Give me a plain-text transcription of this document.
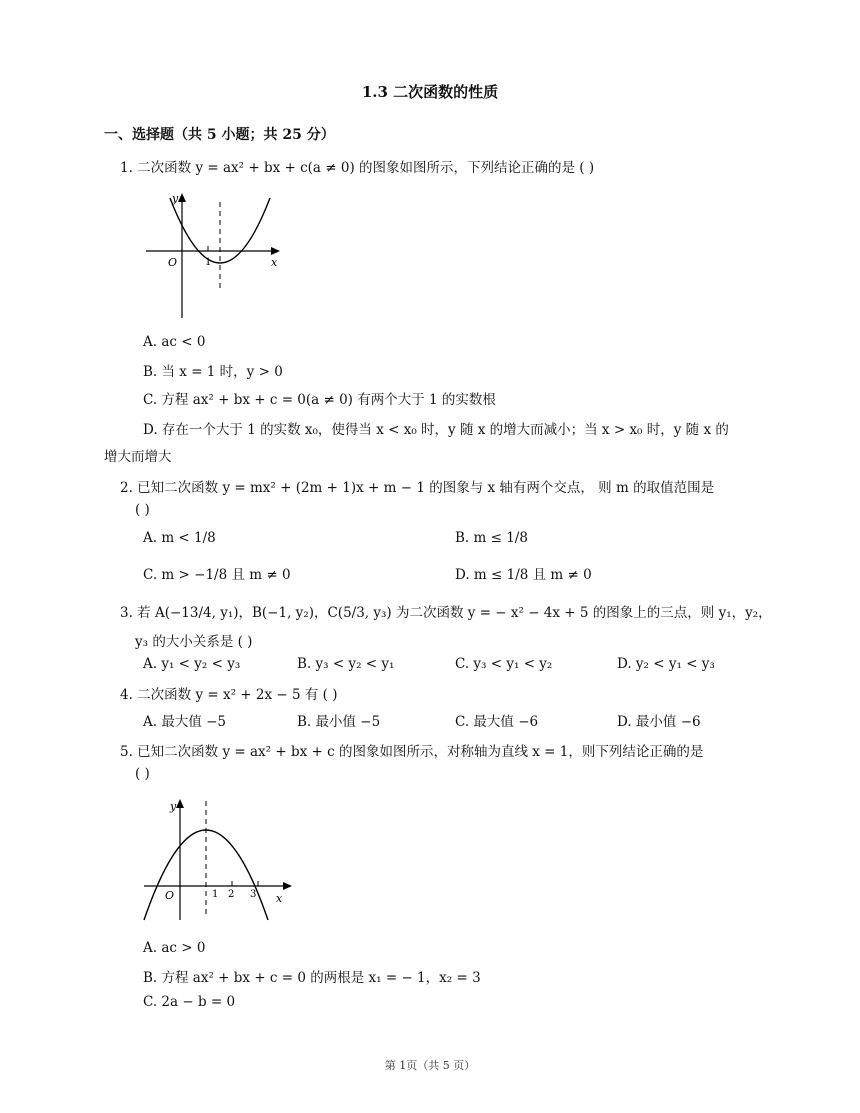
1.3 二次函数的性质
一、选择题（共 5 小题；共 25 分）
1. 二次函数 y = ax² + bx + c(a ≠ 0) 的图象如图所示，下列结论正确的是 ( )
y
O	1	x
A. ac < 0
B. 当 x = 1 时，y > 0
C. 方程 ax² + bx + c = 0(a ≠ 0) 有两个大于 1 的实数根
D. 存在一个大于 1 的实数 x₀，使得当 x < x₀ 时，y 随 x 的增大而减小；当 x > x₀ 时，y 随 x 的
增大而增大
2. 已知二次函数 y = mx² + (2m + 1)x + m − 1 的图象与 x 轴有两个交点， 则 m 的取值范围是
( )
A. m < 1/8	B. m ≤ 1/8
C. m > −1/8 且 m ≠ 0	D. m ≤ 1/8 且 m ≠ 0
3. 若 A(−13/4, y₁)，B(−1, y₂)，C(5/3, y₃) 为二次函数 y = − x² − 4x + 5 的图象上的三点，则 y₁，y₂，
y₃ 的大小关系是 ( )
A. y₁ < y₂ < y₃	B. y₃ < y₂ < y₁	C. y₃ < y₁ < y₂	D. y₂ < y₁ < y₃
4. 二次函数 y = x² + 2x − 5 有 ( )
A. 最大值 −5	B. 最小值 −5	C. 最大值 −6	D. 最小值 −6
5. 已知二次函数 y = ax² + bx + c 的图象如图所示，对称轴为直线 x = 1，则下列结论正确的是
( )
y
O	1 2 3 x
A. ac > 0
B. 方程 ax² + bx + c = 0 的两根是 x₁ = − 1，x₂ = 3
C. 2a − b = 0
第 1页（共 5 页）
